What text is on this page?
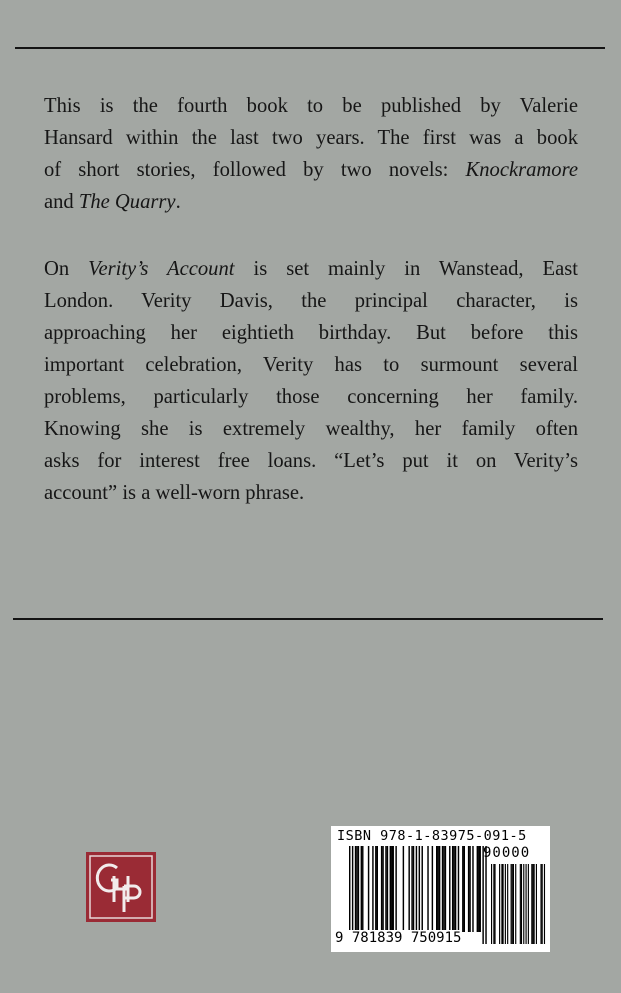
This is the fourth book to be published by Valerie
Hansard within the last two years. The first was a book
of short stories, followed by two novels: Knockramore
and The Quarry.
On Verity’s Account is set mainly in Wanstead, East
London. Verity Davis, the principal character, is
approaching her eightieth birthday. But before this
important celebration, Verity has to surmount several
problems, particularly those concerning her family.
Knowing she is extremely wealthy, her family often
asks for interest free loans. “Let’s put it on Verity’s
account” is a well-worn phrase.
ISBN 978-1-83975-091-5
90000
9 781839 750915
